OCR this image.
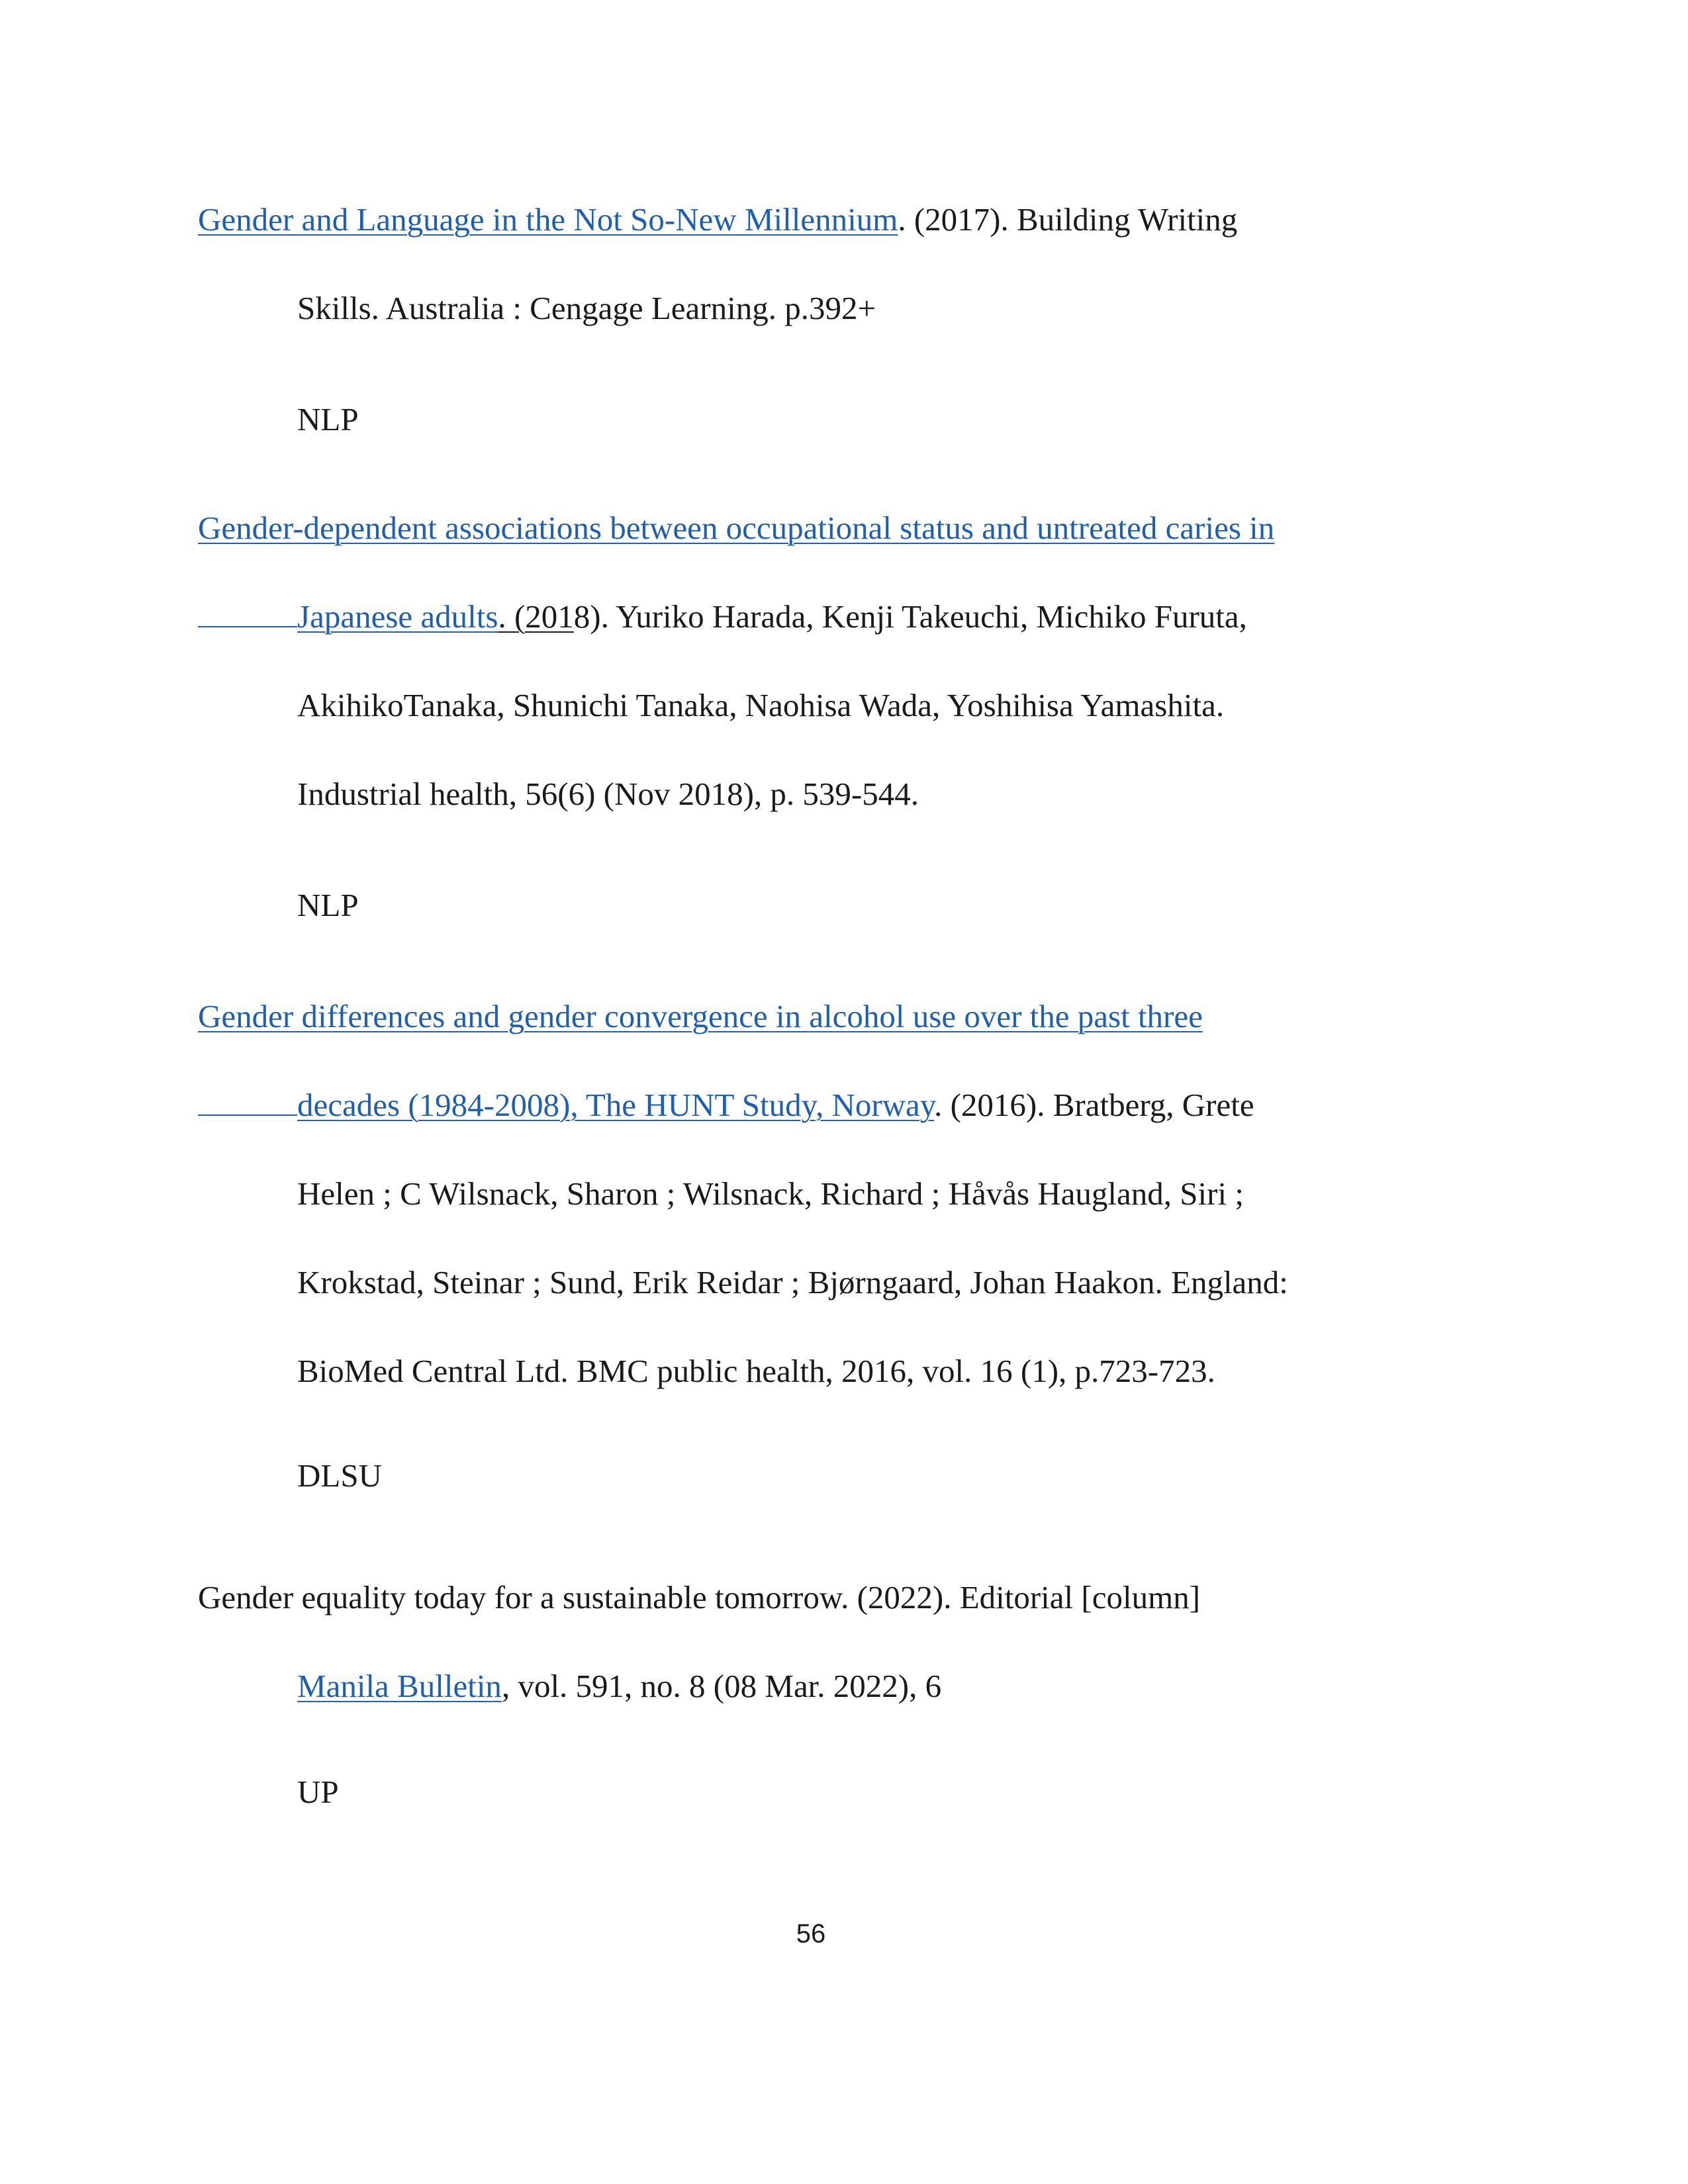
Gender and Language in the Not So-New Millennium. (2017). Building Writing

Skills. Australia : Cengage Learning. p.392+

NLP

Gender-dependent associations between occupational status and untreated caries in

Japanese adults. (2018). Yuriko Harada, Kenji Takeuchi, Michiko Furuta,

AkihikoTanaka, Shunichi Tanaka, Naohisa Wada, Yoshihisa Yamashita.

Industrial health, 56(6) (Nov 2018), p. 539-544.

NLP

Gender differences and gender convergence in alcohol use over the past three

decades (1984-2008), The HUNT Study, Norway. (2016). Bratberg, Grete

Helen ; C Wilsnack, Sharon ; Wilsnack, Richard ; Håvås Haugland, Siri ;

Krokstad, Steinar ; Sund, Erik Reidar ; Bjørngaard, Johan Haakon. England:

BioMed Central Ltd. BMC public health, 2016, vol. 16 (1), p.723-723.

DLSU

Gender equality today for a sustainable tomorrow. (2022). Editorial [column]

Manila Bulletin, vol. 591, no. 8 (08 Mar. 2022), 6

UP

56
